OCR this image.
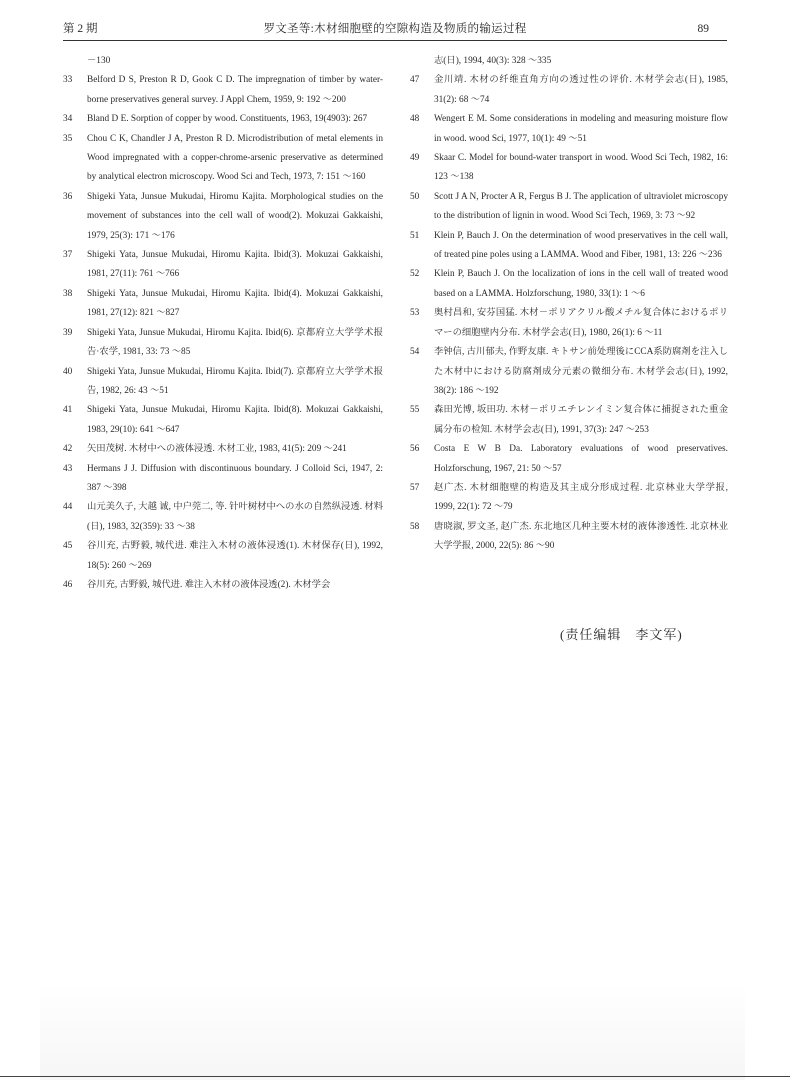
第 2 期	罗文圣等:木材细胞壁的空隙构造及物质的输运过程	89
－130
33 Belford D S, Preston R D, Gook C D. The impregnation of timber by water-borne preservatives general survey. J Appl Chem, 1959, 9: 192 ～200
34 Bland D E. Sorption of copper by wood. Constituents, 1963, 19(4903): 267
35 Chou C K, Chandler J A, Preston R D. Microdistribution of metal elements in Wood impregnated with a copper-chrome-arsenic preservative as determined by analytical electron microscopy. Wood Sci and Tech, 1973, 7: 151 ～160
36 Shigeki Yata, Junsue Mukudai, Hiromu Kajita. Morphological studies on the movement of substances into the cell wall of wood(2). Mokuzai Gakkaishi, 1979, 25(3): 171 ～176
37 Shigeki Yata, Junsue Mukudai, Hiromu Kajita. Ibid(3). Mokuzai Gakkaishi, 1981, 27(11): 761 ～766
38 Shigeki Yata, Junsue Mukudai, Hiromu Kajita. Ibid(4). Mokuzai Gakkaishi, 1981, 27(12): 821 ～827
39 Shigeki Yata, Junsue Mukudai, Hiromu Kajita. Ibid(6). 京都府立大学学术报告·农学, 1981, 33: 73 ～85
40 Shigeki Yata, Junsue Mukudai, Hiromu Kajita. Ibid(7). 京都府立大学学术报告, 1982, 26: 43 ～51
41 Shigeki Yata, Junsue Mukudai, Hiromu Kajita. Ibid(8). Mokuzai Gakkaishi, 1983, 29(10): 641 ～647
42 矢田茂树. 木材中への液体浸透. 木材工业, 1983, 41(5): 209 ～241
43 Hermans J J. Diffusion with discontinuous boundary. J Colloid Sci, 1947, 2: 387 ～398
44 山元美久子, 大越 诚, 中户莞二, 等. 针叶树材中への水の自然纵浸透. 材料(日), 1983, 32(359): 33 ～38
45 谷川充, 古野毅, 城代进. 难注入木材の液体浸透(1). 木材保存(日), 1992, 18(5): 260 ～269
46 谷川充, 古野毅, 城代进. 难注入木材の液体浸透(2). 木材学会
志(日), 1994, 40(3): 328 ～335
47 金川靖. 木材の纤维直角方向の透过性の评价. 木材学会志(日), 1985, 31(2): 68 ～74
48 Wengert E M. Some considerations in modeling and measuring moisture flow in wood. wood Sci, 1977, 10(1): 49 ～51
49 Skaar C. Model for bound-water transport in wood. Wood Sci Tech, 1982, 16: 123 ～138
50 Scott J A N, Procter A R, Fergus B J. The application of ultraviolet microscopy to the distribution of lignin in wood. Wood Sci Tech, 1969, 3: 73 ～92
51 Klein P, Bauch J. On the determination of wood preservatives in the cell wall, of treated pine poles using a LAMMA. Wood and Fiber, 1981, 13: 226 ～236
52 Klein P, Bauch J. On the localization of ions in the cell wall of treated wood based on a LAMMA. Holzforschung, 1980, 33(1): 1 ～6
53 奥村昌和, 安芬国猛. 木材－ポリアクリル酸メチル复合体におけるポリマーの细胞壁内分布. 木材学会志(日), 1980, 26(1): 6 ～11
54 李钟信, 古川郁夫, 作野友康. キトサン前处理後にCCA系防腐剤を注入した木材中における防腐剤成分元素の微细分布. 木材学会志(日), 1992, 38(2): 186 ～192
55 森田光博, 坂田功. 木材－ポリエチレンイミン复合体に捕捉された重金属分布の检知. 木材学会志(日), 1991, 37(3): 247 ～253
56 Costa E W B Da. Laboratory evaluations of wood preservatives. Holzforschung, 1967, 21: 50 ～57
57 赵广杰. 木材细胞壁的构造及其主成分形成过程. 北京林业大学学报, 1999, 22(1): 72 ～79
58 唐晓淑, 罗文圣, 赵广杰. 东北地区几种主要木材的液体渗透性. 北京林业大学学报, 2000, 22(5): 86 ～90
(责任编辑　李文军)
